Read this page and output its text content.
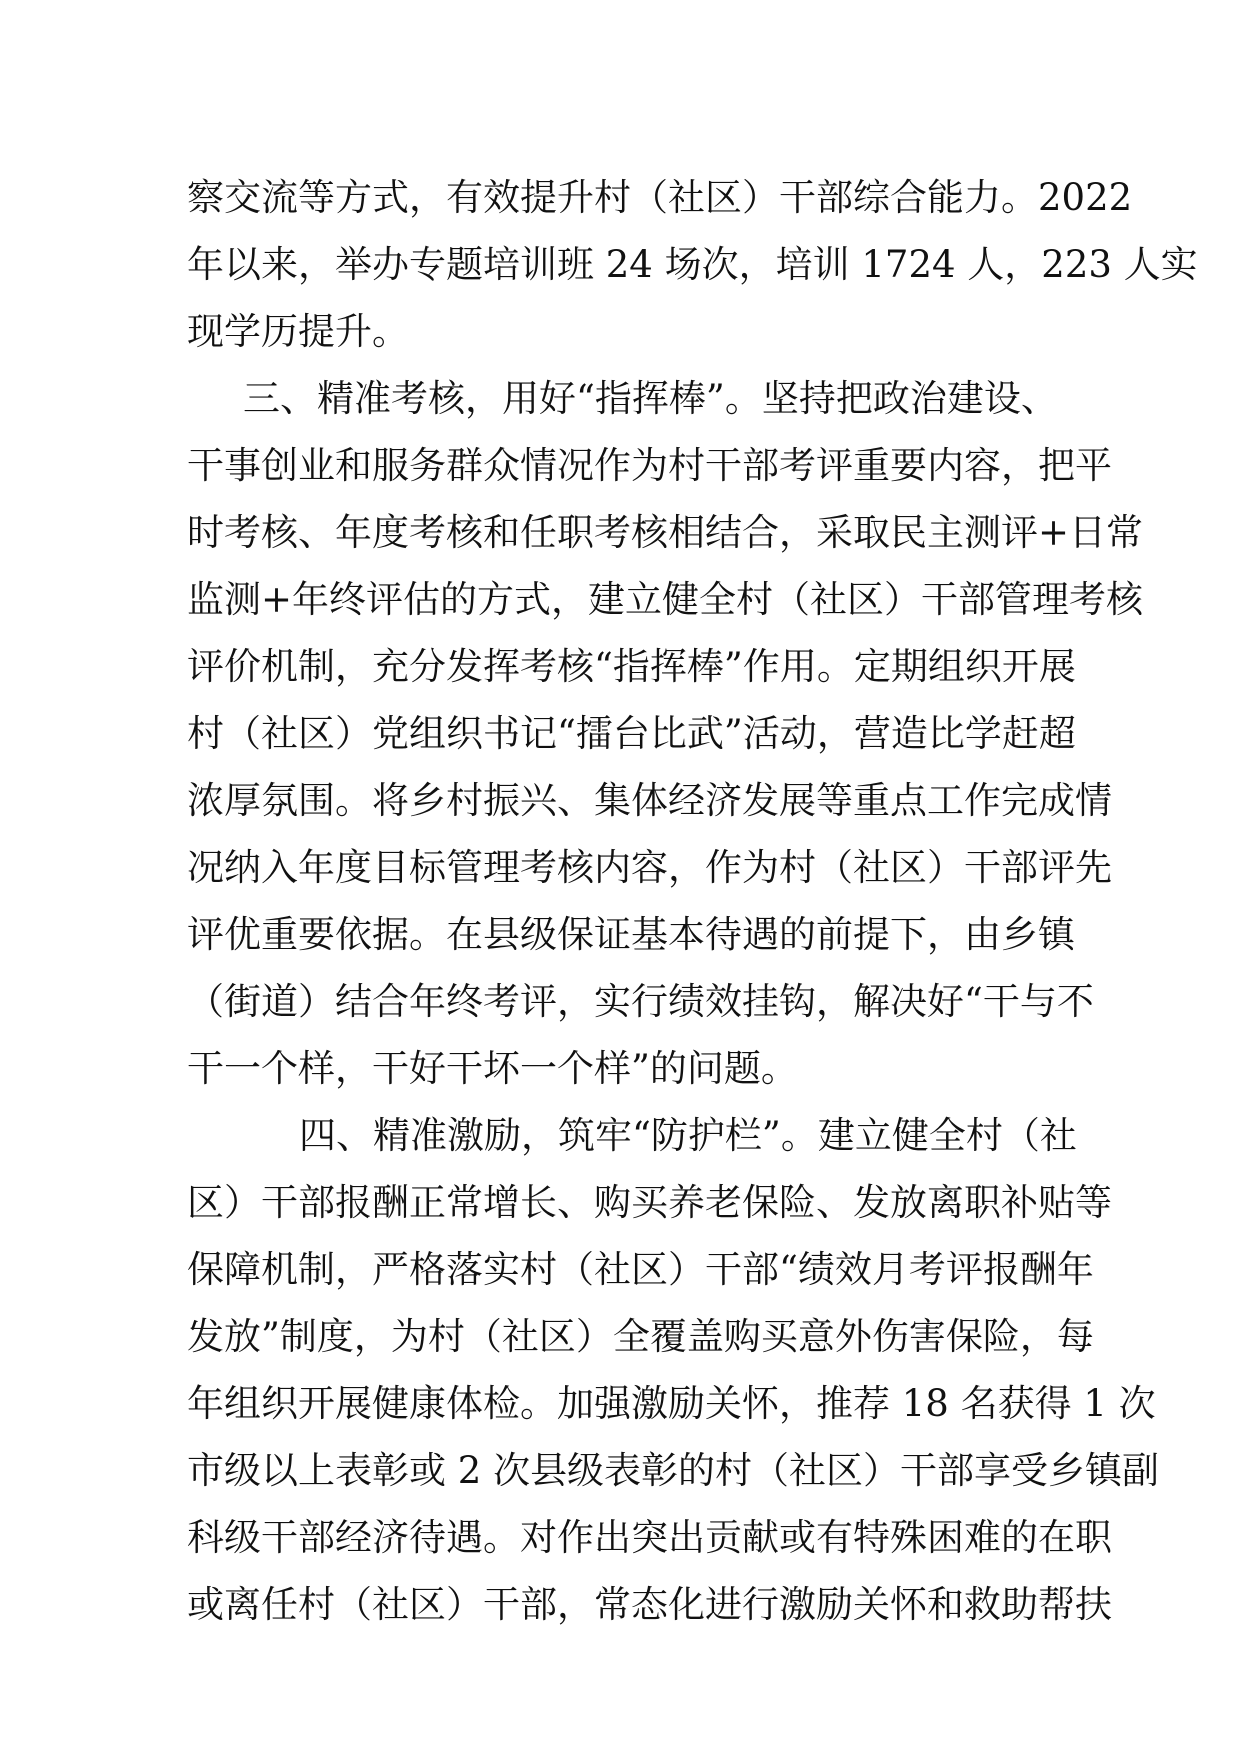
察交流等方式，有效提升村（社区）干部综合能力。2022
年以来，举办专题培训班 24 场次，培训 1724 人，223 人实
现学历提升。
三、精准考核，用好“指挥棒”。坚持把政治建设、
干事创业和服务群众情况作为村干部考评重要内容，把平
时考核、年度考核和任职考核相结合，采取民主测评+日常
监测+年终评估的方式，建立健全村（社区）干部管理考核
评价机制，充分发挥考核“指挥棒”作用。定期组织开展
村（社区）党组织书记“擂台比武”活动，营造比学赶超
浓厚氛围。将乡村振兴、集体经济发展等重点工作完成情
况纳入年度目标管理考核内容，作为村（社区）干部评先
评优重要依据。在县级保证基本待遇的前提下，由乡镇
（街道）结合年终考评，实行绩效挂钩，解决好“干与不
干一个样，干好干坏一个样”的问题。
四、精准激励，筑牢“防护栏”。建立健全村（社
区）干部报酬正常增长、购买养老保险、发放离职补贴等
保障机制，严格落实村（社区）干部“绩效月考评报酬年
发放”制度，为村（社区）全覆盖购买意外伤害保险，每
年组织开展健康体检。加强激励关怀，推荐 18 名获得 1 次
市级以上表彰或 2 次县级表彰的村（社区）干部享受乡镇副
科级干部经济待遇。对作出突出贡献或有特殊困难的在职
或离任村（社区）干部，常态化进行激励关怀和救助帮扶
